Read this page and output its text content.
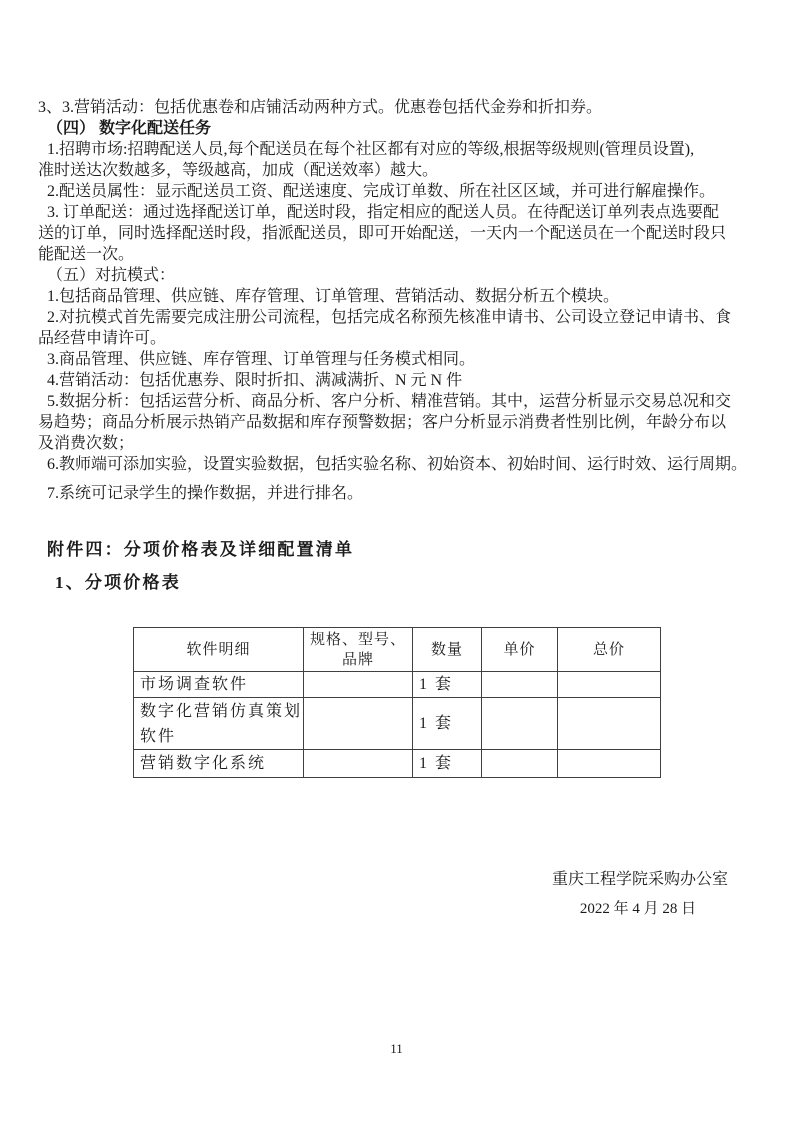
3、3.营销活动：包括优惠卷和店铺活动两种方式。优惠卷包括代金券和折扣券。
（四） 数字化配送任务
1.招聘市场:招聘配送人员,每个配送员在每个社区都有对应的等级,根据等级规则(管理员设置),
准时送达次数越多，等级越高，加成（配送效率）越大。
2.配送员属性：显示配送员工资、配送速度、完成订单数、所在社区区域，并可进行解雇操作。
3. 订单配送：通过选择配送订单，配送时段，指定相应的配送人员。在待配送订单列表点选要配
送的订单，同时选择配送时段，指派配送员，即可开始配送，一天内一个配送员在一个配送时段只
能配送一次。
（五）对抗模式：
1.包括商品管理、供应链、库存管理、订单管理、营销活动、数据分析五个模块。
2.对抗模式首先需要完成注册公司流程，包括完成名称预先核准申请书、公司设立登记申请书、食
品经营申请许可。
3.商品管理、供应链、库存管理、订单管理与任务模式相同。
4.营销活动：包括优惠券、限时折扣、满减满折、N 元 N 件
5.数据分析：包括运营分析、商品分析、客户分析、精准营销。其中，运营分析显示交易总况和交
易趋势；商品分析展示热销产品数据和库存预警数据；客户分析显示消费者性别比例，年龄分布以
及消费次数；
6.教师端可添加实验，设置实验数据，包括实验名称、初始资本、初始时间、运行时效、运行周期。
7.系统可记录学生的操作数据，并进行排名。
附件四：分项价格表及详细配置清单
1、分项价格表
软件明细	规格、型号、品牌	数量	单价	总价
市场调查软件		1 套		
数字化营销仿真策划软件		1 套		
营销数字化系统		1 套		
重庆工程学院采购办公室
2022 年 4 月 28 日
11
